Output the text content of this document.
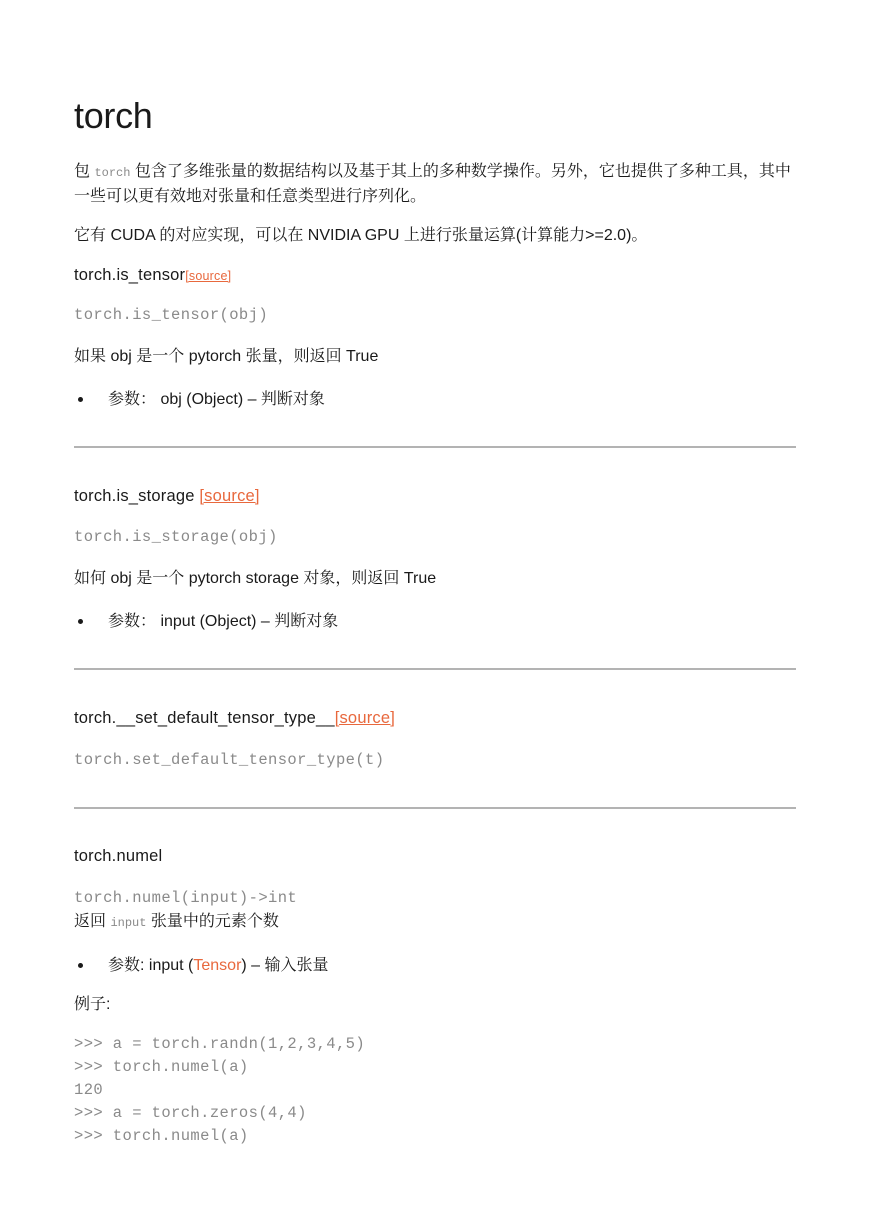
torch

包 torch 包含了多维张量的数据结构以及基于其上的多种数学操作。另外，它也提供了多种工具，其中一些可以更有效地对张量和任意类型进行序列化。

它有 CUDA 的对应实现，可以在 NVIDIA GPU 上进行张量运算(计算能力>=2.0)。

torch.is_tensor[source]

torch.is_tensor(obj)

如果 obj 是一个 pytorch 张量，则返回 True

参数： obj (Object) – 判断对象

torch.is_storage [source]

torch.is_storage(obj)

如何 obj 是一个 pytorch storage 对象，则返回 True

参数： input (Object) – 判断对象

torch.__set_default_tensor_type__[source]

torch.set_default_tensor_type(t)

torch.numel

torch.numel(input)->int

返回 input 张量中的元素个数

参数: input (Tensor) – 输入张量

例子:

>>> a = torch.randn(1,2,3,4,5)
>>> torch.numel(a)
120
>>> a = torch.zeros(4,4)
>>> torch.numel(a)
